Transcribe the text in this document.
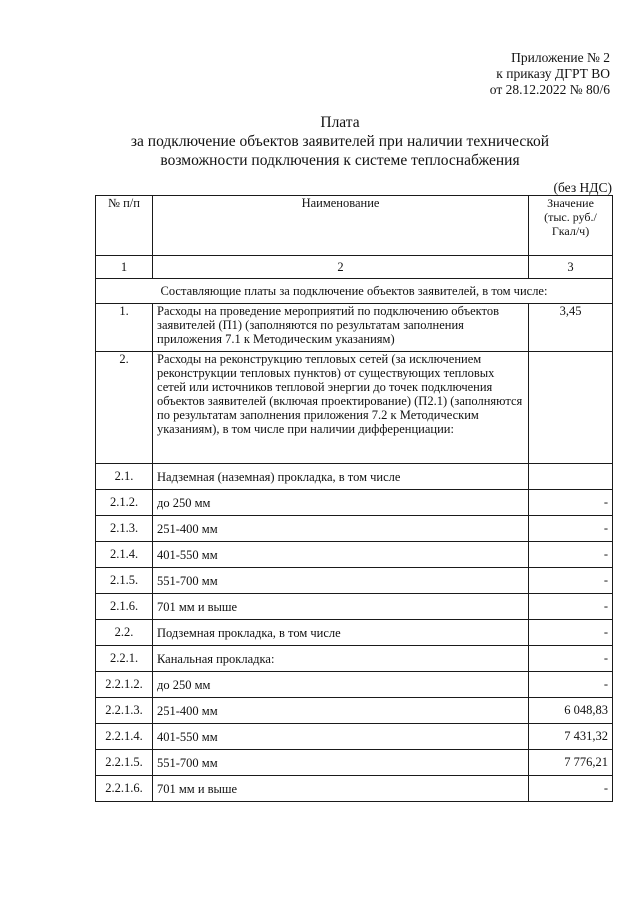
Приложение № 2
к приказу ДГРТ ВО
от 28.12.2022 № 80/6
Плата
за подключение объектов заявителей при наличии технической
возможности подключения к системе теплоснабжения
(без НДС)
№ п/п	Наименование	Значение (тыс. руб./Гкал/ч)
1	2	3
Составляющие платы за подключение объектов заявителей, в том числе:		
1.	Расходы на проведение мероприятий по подключению объектов заявителей (П1) (заполняются по результатам заполнения приложения 7.1 к Методическим указаниям)	3,45
2.	Расходы на реконструкцию тепловых сетей (за исключением реконструкции тепловых пунктов) от существующих тепловых сетей или источников тепловой энергии до точек подключения объектов заявителей (включая проектирование) (П2.1) (заполняются по результатам заполнения приложения 7.2 к Методическим указаниям), в том числе при наличии дифференциации:	
2.1.	Надземная (наземная) прокладка, в том числе	
2.1.2.	до 250 мм	-
2.1.3.	251-400 мм	-
2.1.4.	401-550 мм	-
2.1.5.	551-700 мм	-
2.1.6.	701 мм и выше	-
2.2.	Подземная прокладка, в том числе	-
2.2.1.	Канальная прокладка:	-
2.2.1.2.	до 250 мм	-
2.2.1.3.	251-400 мм	6 048,83
2.2.1.4.	401-550 мм	7 431,32
2.2.1.5.	551-700 мм	7 776,21
2.2.1.6.	701 мм и выше	-
